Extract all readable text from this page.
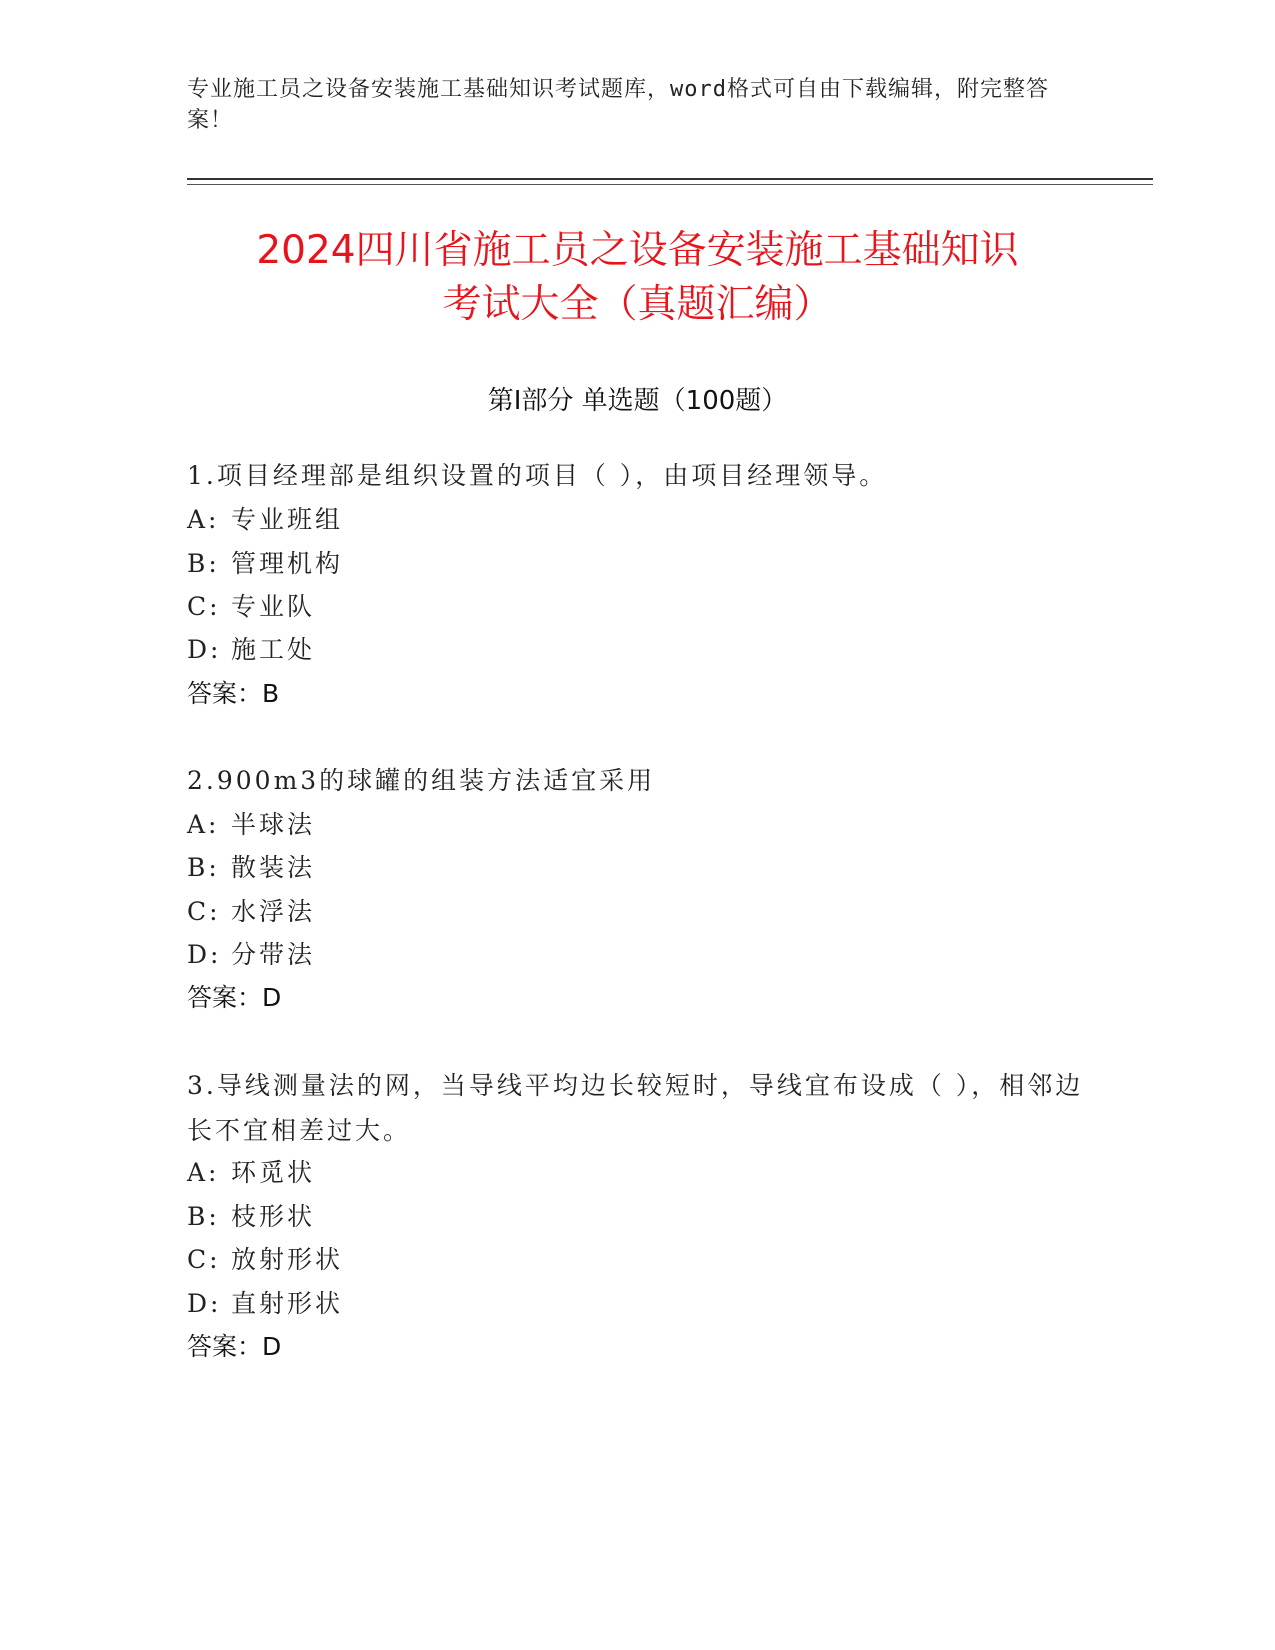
专业施工员之设备安装施工基础知识考试题库，word格式可自由下载编辑，附完整答案！
2024四川省施工员之设备安装施工基础知识
考试大全（真题汇编）
第Ⅰ部分 单选题（100题）
1.项目经理部是组织设置的项目（ ），由项目经理领导。
A: 专业班组
B: 管理机构
C: 专业队
D: 施工处
答案：B
2.900m3的球罐的组装方法适宜采用
A: 半球法
B: 散装法
C: 水浮法
D: 分带法
答案：D
3.导线测量法的网，当导线平均边长较短时，导线宜布设成（ ），相邻边长不宜相差过大。
A: 环觅状
B: 枝形状
C: 放射形状
D: 直射形状
答案：D
